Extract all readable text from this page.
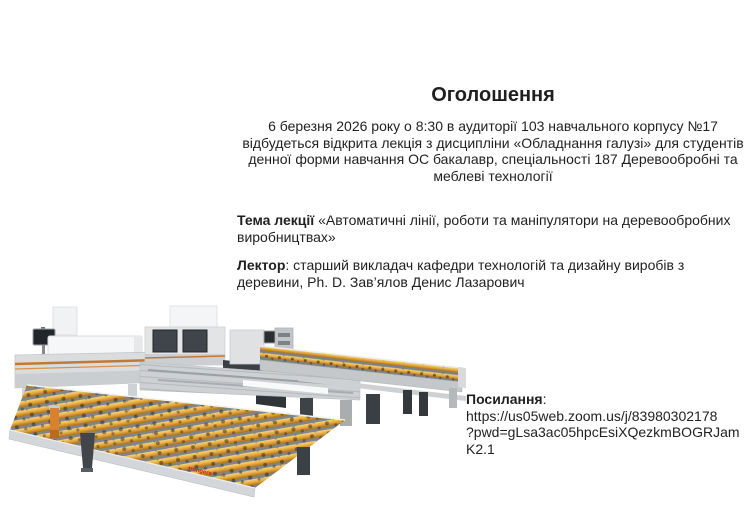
Оголошення

6 березня 2026 року о 8:30 в аудиторії 103 навчального корпусу №17 відбудеться відкрита лекція з дисципліни «Обладнання галузі» для студентів денної форми навчання ОС бакалавр, спеціальності 187 Деревообробні та меблеві технології

Тема лекції «Автоматичні лінії, роботи та маніпулятори на деревообробних виробництвах»

Лектор: старший викладач кафедри технологій та дизайну виробів з деревини, Ph. D. Зав’ялов Денис Лазарович

trangers

Посилання:

https://us05web.zoom.us/j/83980302178
?pwd=gLsa3ac05hpcEsiXQezkmBOGRJam
K2.1
